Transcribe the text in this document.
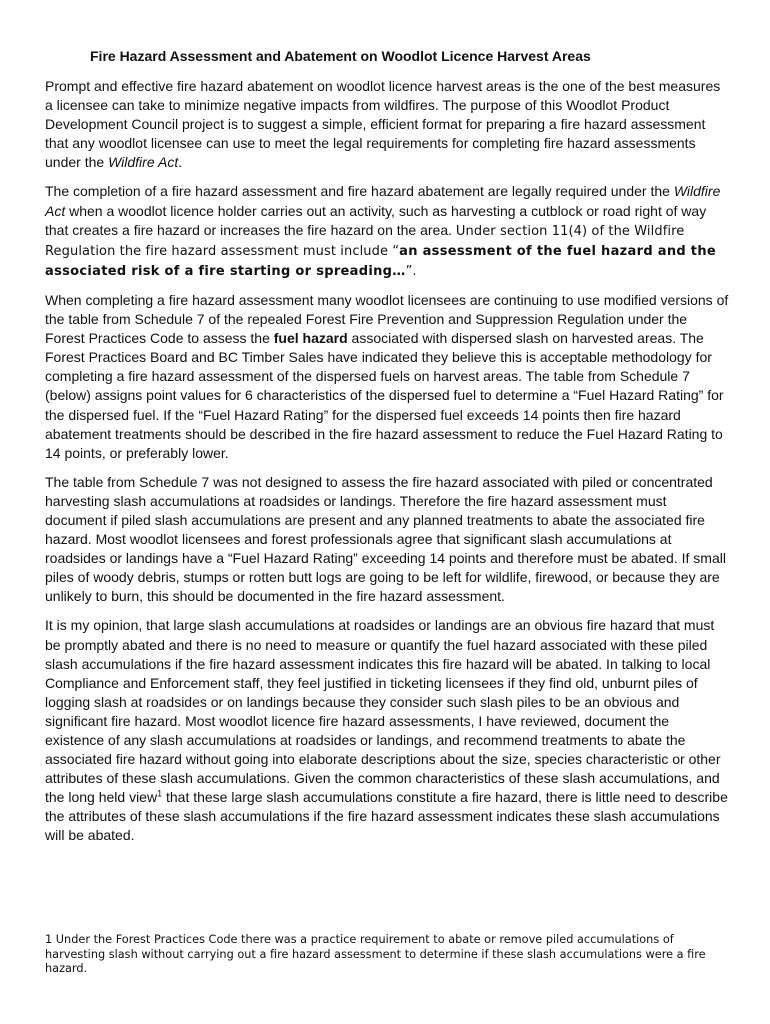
Fire Hazard Assessment and Abatement on Woodlot Licence Harvest Areas

Prompt and effective fire hazard abatement on woodlot licence harvest areas is the one of the best measures a licensee can take to minimize negative impacts from wildfires. The purpose of this Woodlot Product Development Council project is to suggest a simple, efficient format for preparing a fire hazard assessment that any woodlot licensee can use to meet the legal requirements for completing fire hazard assessments under the Wildfire Act.

The completion of a fire hazard assessment and fire hazard abatement are legally required under the Wildfire Act when a woodlot licence holder carries out an activity, such as harvesting a cutblock or road right of way that creates a fire hazard or increases the fire hazard on the area. Under section 11(4) of the Wildfire Regulation the fire hazard assessment must include “an assessment of the fuel hazard and the associated risk of a fire starting or spreading…”.

When completing a fire hazard assessment many woodlot licensees are continuing to use modified versions of the table from Schedule 7 of the repealed Forest Fire Prevention and Suppression Regulation under the Forest Practices Code to assess the fuel hazard associated with dispersed slash on harvested areas. The Forest Practices Board and BC Timber Sales have indicated they believe this is acceptable methodology for completing a fire hazard assessment of the dispersed fuels on harvest areas. The table from Schedule 7 (below) assigns point values for 6 characteristics of the dispersed fuel to determine a “Fuel Hazard Rating” for the dispersed fuel. If the “Fuel Hazard Rating” for the dispersed fuel exceeds 14 points then fire hazard abatement treatments should be described in the fire hazard assessment to reduce the Fuel Hazard Rating to 14 points, or preferably lower.

The table from Schedule 7 was not designed to assess the fire hazard associated with piled or concentrated harvesting slash accumulations at roadsides or landings. Therefore the fire hazard assessment must document if piled slash accumulations are present and any planned treatments to abate the associated fire hazard. Most woodlot licensees and forest professionals agree that significant slash accumulations at roadsides or landings have a “Fuel Hazard Rating” exceeding 14 points and therefore must be abated. If small piles of woody debris, stumps or rotten butt logs are going to be left for wildlife, firewood, or because they are unlikely to burn, this should be documented in the fire hazard assessment.

It is my opinion, that large slash accumulations at roadsides or landings are an obvious fire hazard that must be promptly abated and there is no need to measure or quantify the fuel hazard associated with these piled slash accumulations if the fire hazard assessment indicates this fire hazard will be abated. In talking to local Compliance and Enforcement staff, they feel justified in ticketing licensees if they find old, unburnt piles of logging slash at roadsides or on landings because they consider such slash piles to be an obvious and significant fire hazard. Most woodlot licence fire hazard assessments, I have reviewed, document the existence of any slash accumulations at roadsides or landings, and recommend treatments to abate the associated fire hazard without going into elaborate descriptions about the size, species characteristic or other attributes of these slash accumulations. Given the common characteristics of these slash accumulations, and the long held view$^1$ that these large slash accumulations constitute a fire hazard, there is little need to describe the attributes of these slash accumulations if the fire hazard assessment indicates these slash accumulations will be abated.

1 Under the Forest Practices Code there was a practice requirement to abate or remove piled accumulations of harvesting slash without carrying out a fire hazard assessment to determine if these slash accumulations were a fire hazard.
